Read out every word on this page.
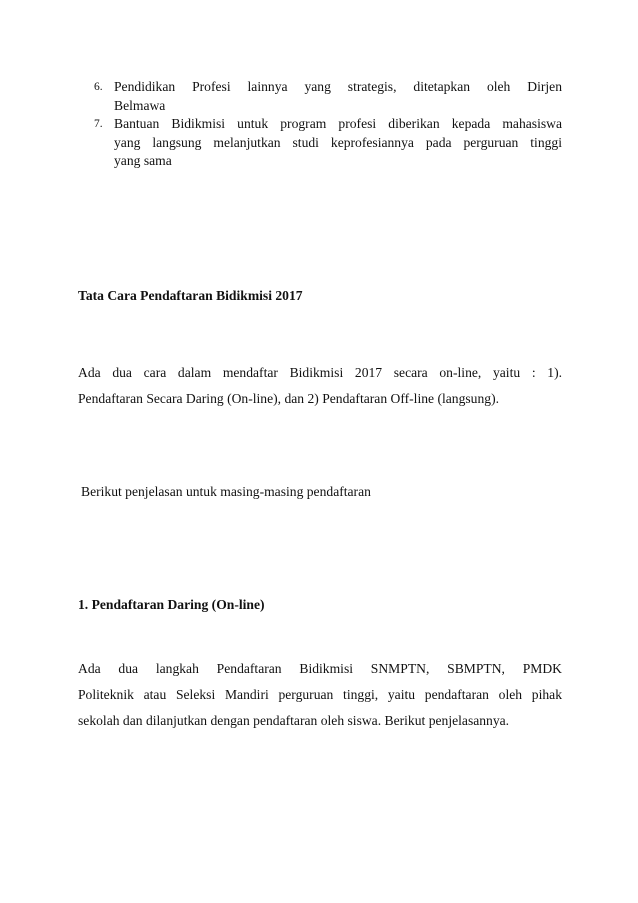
6. Pendidikan Profesi lainnya yang strategis, ditetapkan oleh Dirjen
Belmawa
7. Bantuan Bidikmisi untuk program profesi diberikan kepada mahasiswa
yang langsung melanjutkan studi keprofesiannya pada perguruan tinggi
yang sama
Tata Cara Pendaftaran Bidikmisi 2017

Ada dua cara dalam mendaftar Bidikmisi 2017 secara on-line, yaitu : 1).
Pendaftaran Secara Daring (On-line), dan 2) Pendaftaran Off-line (langsung).

Berikut penjelasan untuk masing-masing pendaftaran

1. Pendaftaran Daring (On-line)

Ada dua langkah Pendaftaran Bidikmisi SNMPTN, SBMPTN, PMDK
Politeknik atau Seleksi Mandiri perguruan tinggi, yaitu pendaftaran oleh pihak
sekolah dan dilanjutkan dengan pendaftaran oleh siswa. Berikut penjelasannya.
